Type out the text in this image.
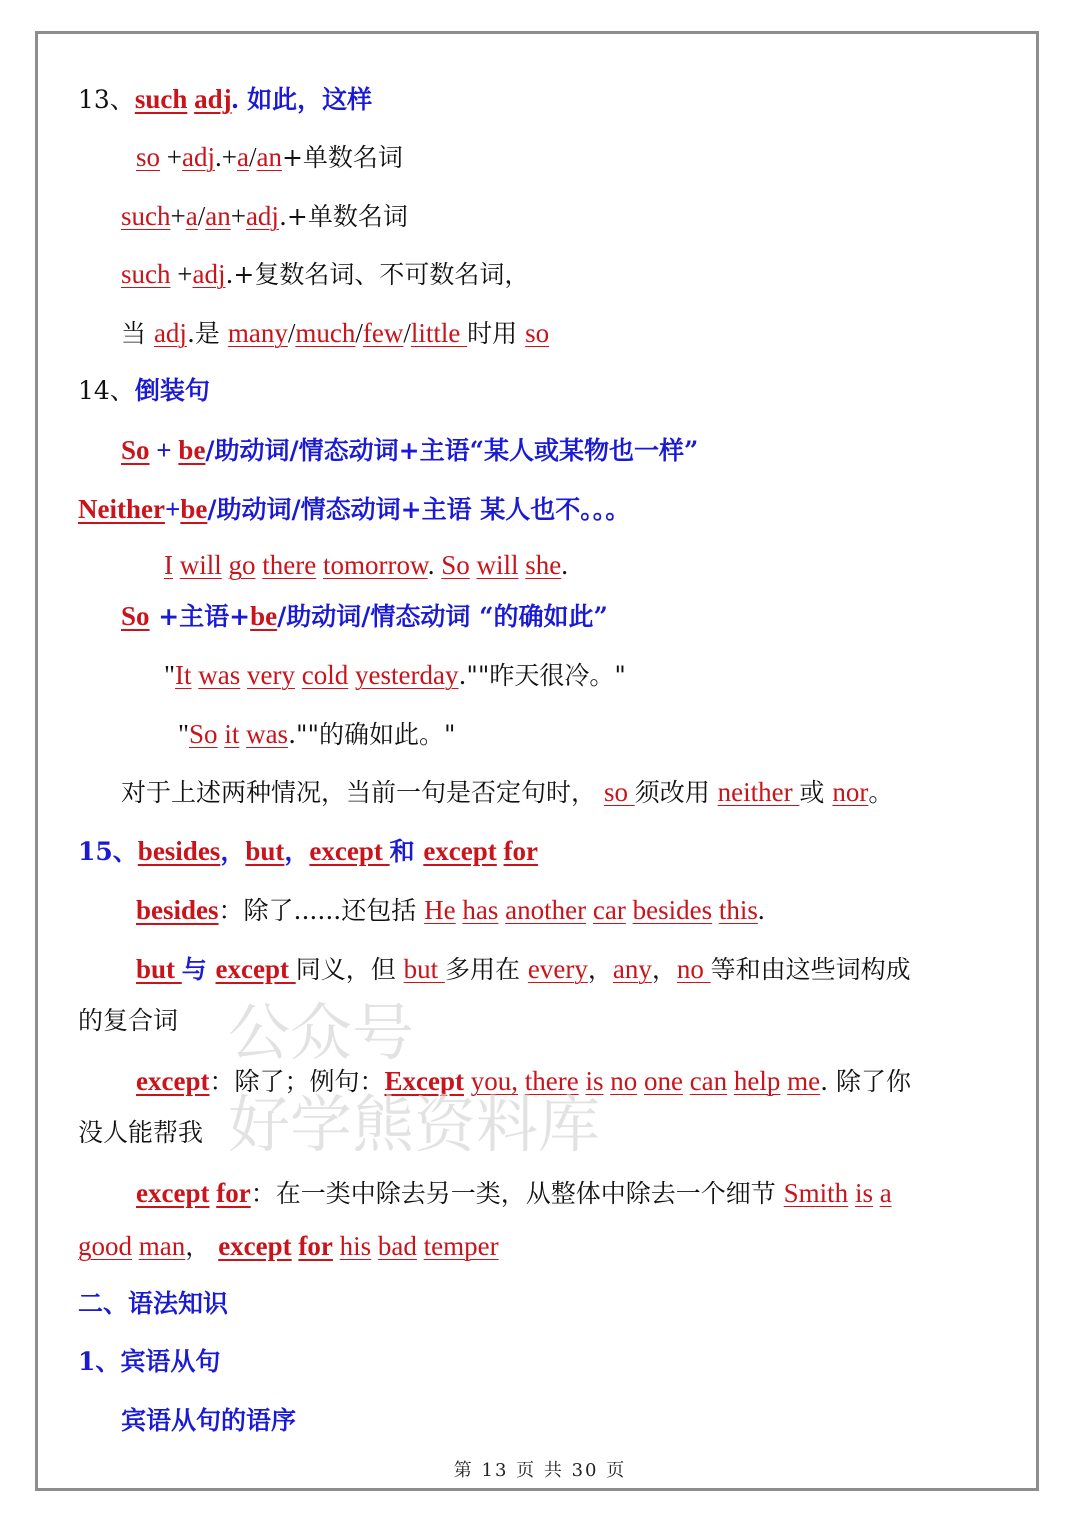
13、such adj. 如此，这样
so +adj.+a/an+单数名词
such+a/an+adj.+单数名词
such +adj.+复数名词、不可数名词，
当 adj.是 many/much/few/little 时用 so
14、倒装句
So + be/助动词/情态动词+主语“某人或某物也一样”
Neither+be/助动词/情态动词+主语 某人也不。。。
I will go there tomorrow. So will she.
So +主语+be/助动词/情态动词 “的确如此”
"It was very cold yesterday.""昨天很冷。"
"So it was.""的确如此。"
对于上述两种情况，当前一句是否定句时， so 须改用 neither 或 nor。
15、besides，but，except 和 except for
besides：除了......还包括 He has another car besides this.
but 与 except 同义，但 but 多用在 every，any，no 等和由这些词构成
的复合词
except：除了；例句：Except you, there is no one can help me. 除了你
没人能帮我
except for：在一类中除去另一类，从整体中除去一个细节 Smith is a
good man， except for his bad temper
二、语法知识
1、宾语从句
宾语从句的语序
公众号
好学熊资料库
第 13 页 共 30 页
